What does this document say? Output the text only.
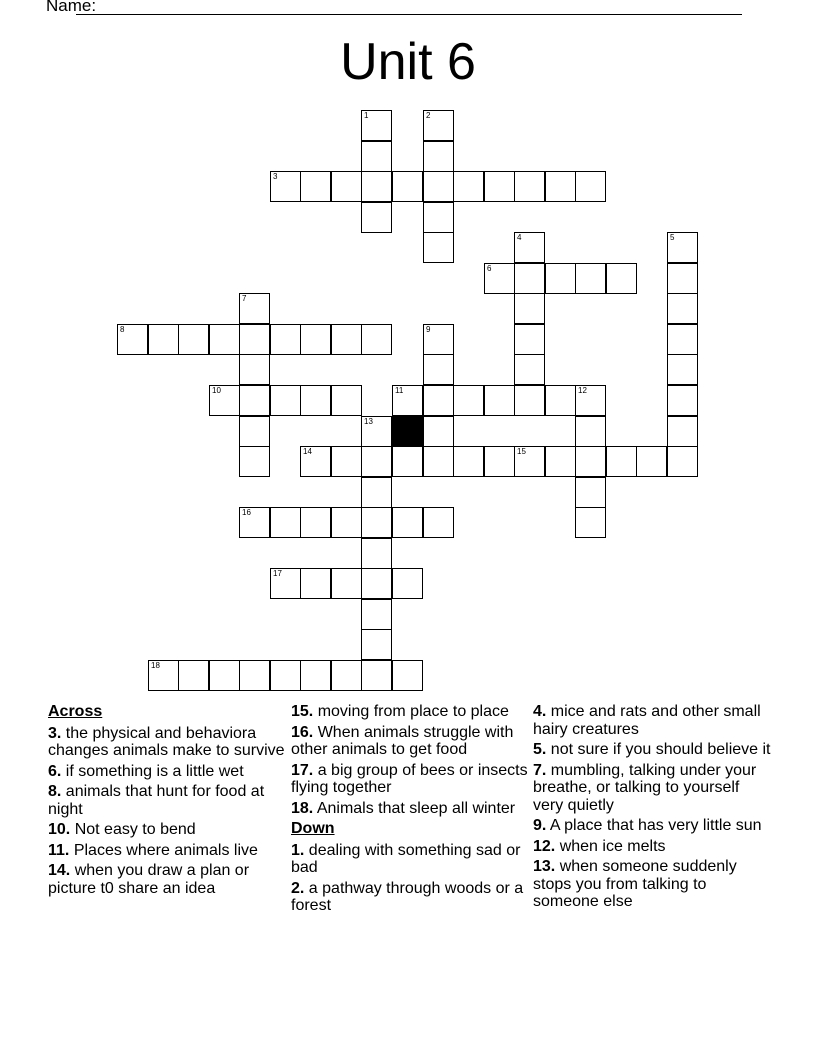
Name:
Unit 6
1	2
3
4	5
6
7
8	9
10	11	12
13
14	15
16
17
18
Across
3. the physical and behaviora changes animals make to survive
6. if something is a little wet
8. animals that hunt for food at night
10. Not easy to bend
11. Places where animals live
14. when you draw a plan or picture t0 share an idea
15. moving from place to place
16. When animals struggle with other animals to get food
17. a big group of bees or insects flying together
18. Animals that sleep all winter
Down
1. dealing with something sad or bad
2. a pathway through woods or a forest
4. mice and rats and other small hairy creatures
5. not sure if you should believe it
7. mumbling, talking under your breathe, or talking to yourself very quietly
9. A place that has very little sun
12. when ice melts
13. when someone suddenly stops you from talking to someone else
